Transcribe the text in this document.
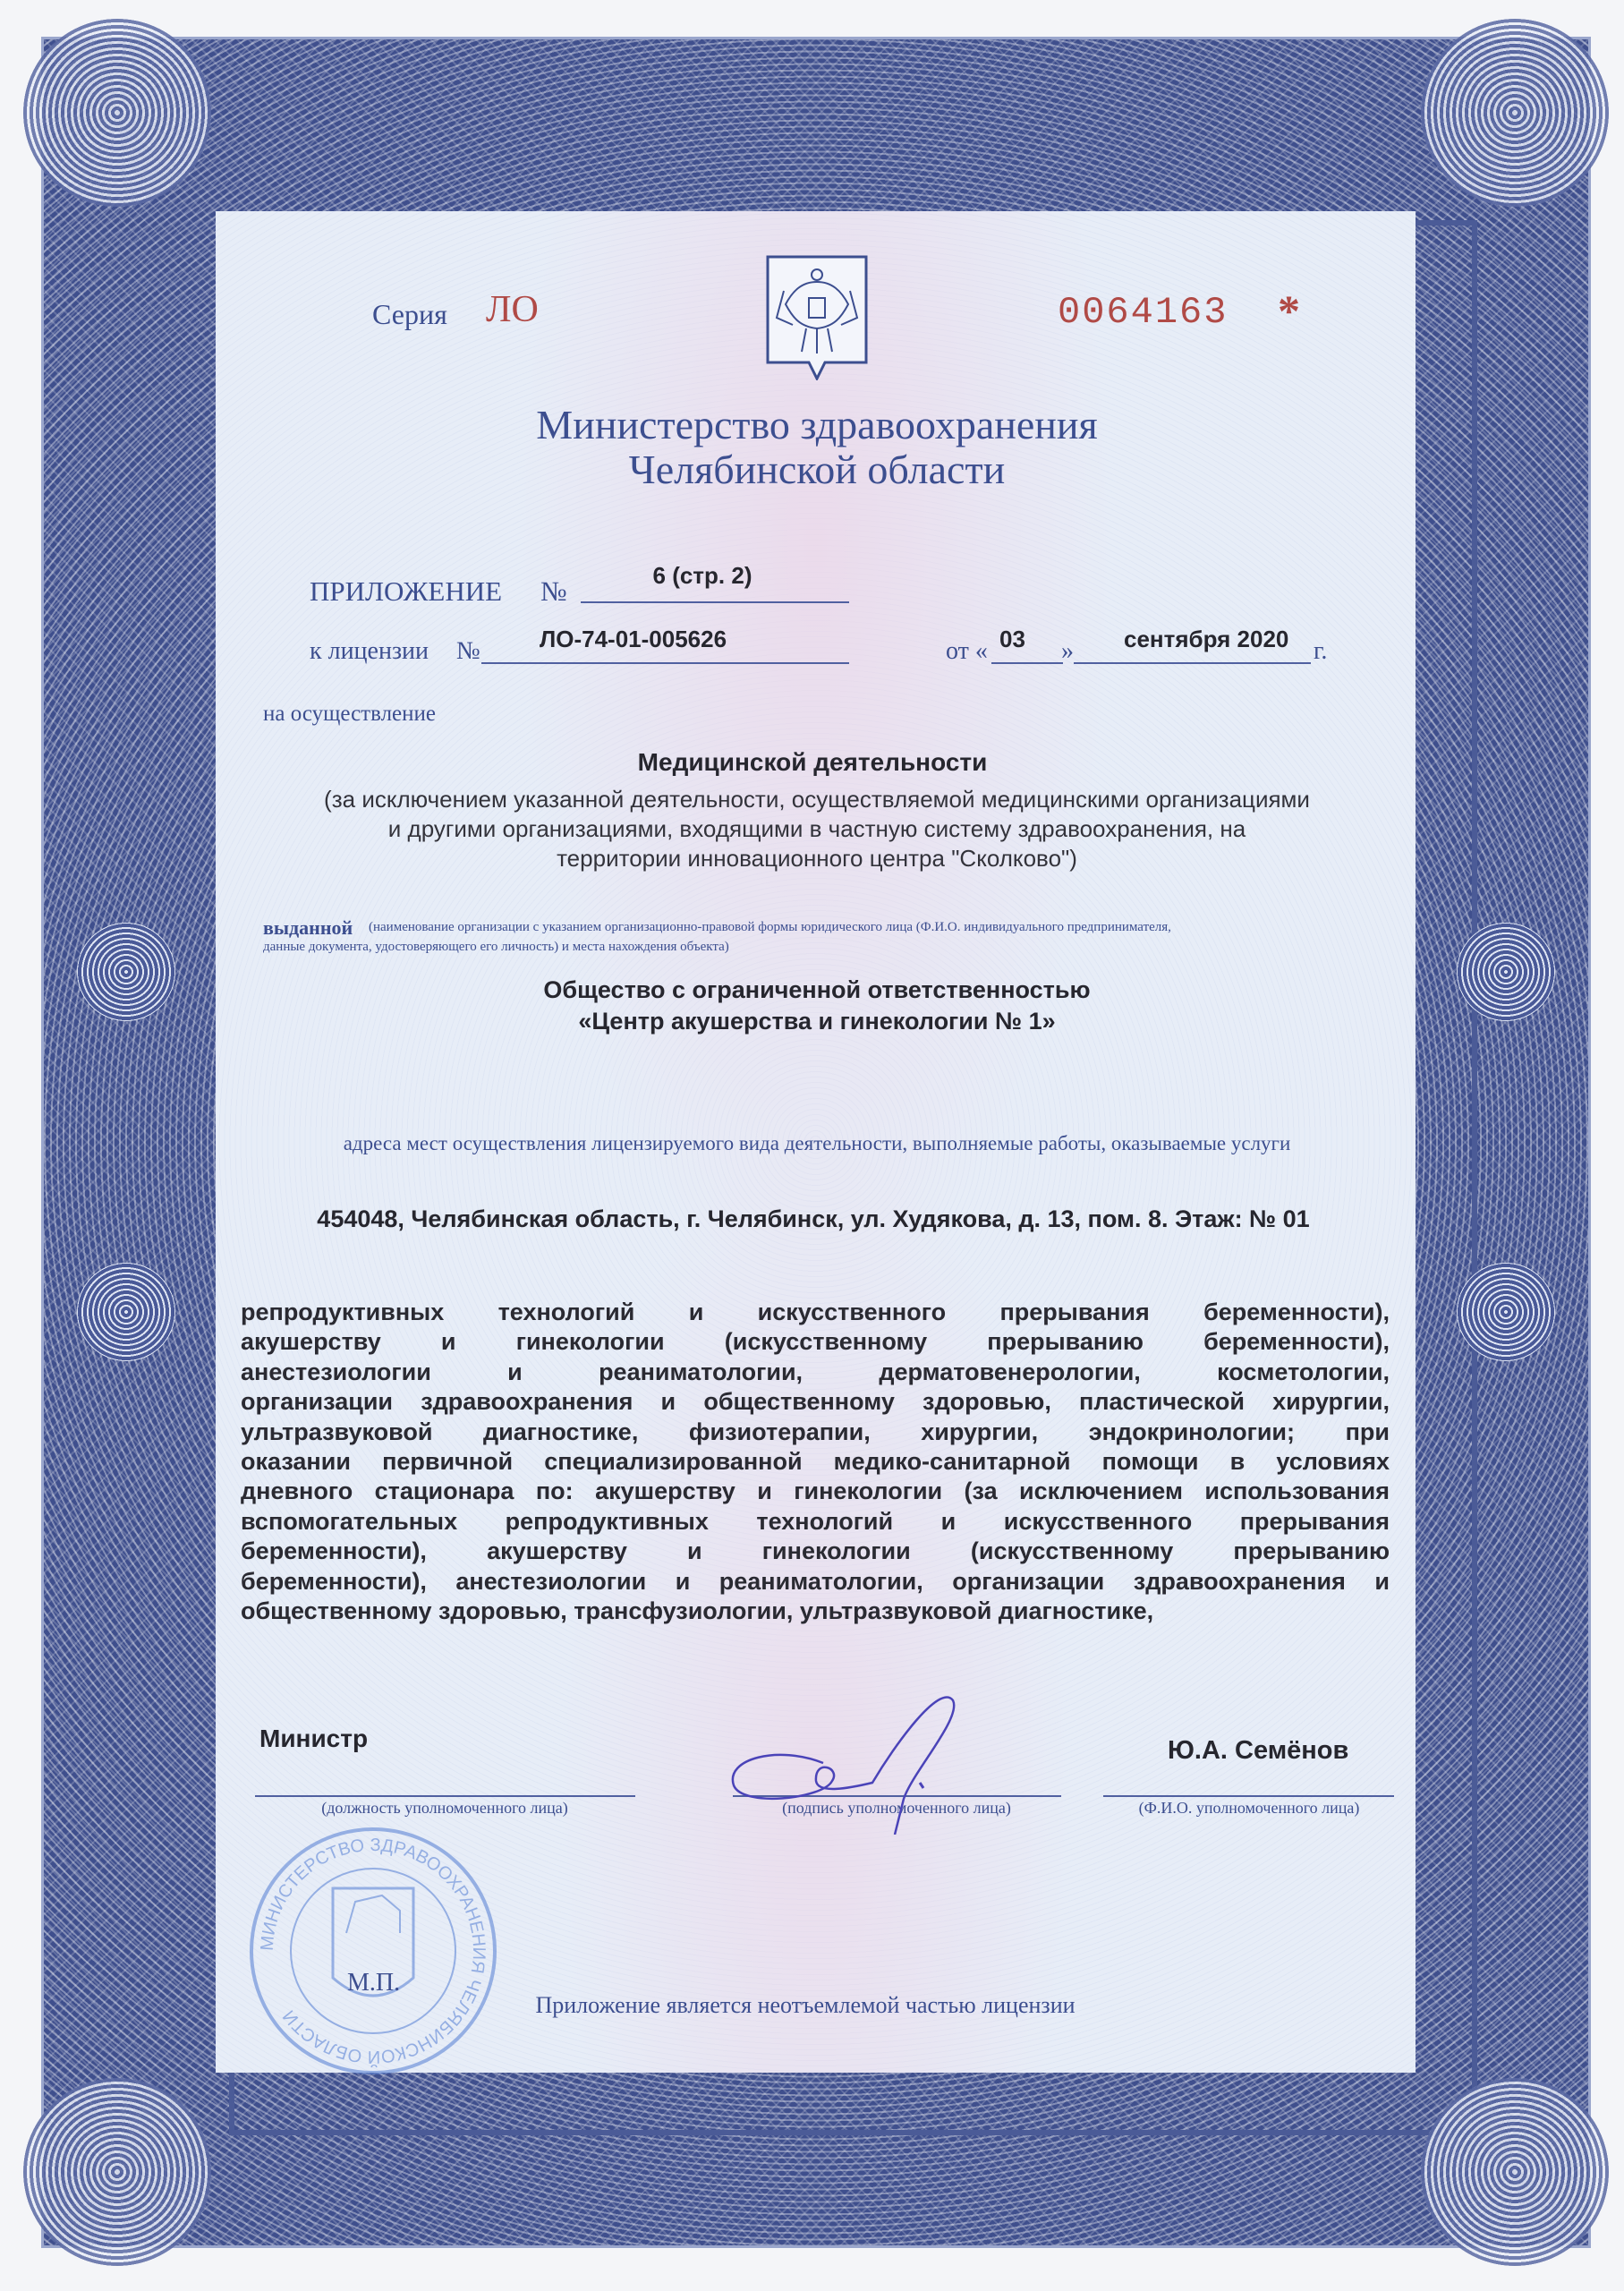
Серия ЛО	0064163 *
Министерство здравоохранения
Челябинской области
ПРИЛОЖЕНИЕ №	6 (стр. 2)
к лицензии №	ЛО-74-01-005626	от « 03 » сентября 2020 г.
на осуществление
Медицинской деятельности
(за исключением указанной деятельности, осуществляемой медицинскими организациями
и другими организациями, входящими в частную систему здравоохранения, на
территории инновационного центра "Сколково")
выданной (наименование организации с указанием организационно-правовой формы юридического лица (Ф.И.О. индивидуального предпринимателя,
данные документа, удостоверяющего его личность) и места нахождения объекта)
Общество с ограниченной ответственностью
«Центр акушерства и гинекологии № 1»
адреса мест осуществления лицензируемого вида деятельности, выполняемые работы, оказываемые услуги
454048, Челябинская область, г. Челябинск, ул. Худякова, д. 13, пом. 8. Этаж: № 01
репродуктивных технологий и искусственного прерывания беременности),
акушерству и гинекологии (искусственному прерыванию беременности),
анестезиологии и реаниматологии, дерматовенерологии, косметологии,
организации здравоохранения и общественному здоровью, пластической хирургии,
ультразвуковой диагностике, физиотерапии, хирургии, эндокринологии; при
оказании первичной специализированной медико-санитарной помощи в условиях
дневного стационара по: акушерству и гинекологии (за исключением использования
вспомогательных репродуктивных технологий и искусственного прерывания
беременности), акушерству и гинекологии (искусственному прерыванию
беременности), анестезиологии и реаниматологии, организации здравоохранения и
общественному здоровью, трансфузиологии, ультразвуковой диагностике,
МИНИСТЕРСТВО ЗДРАВООХРАНЕНИЯ ЧЕЛЯБИНСКОЙ ОБЛАСТИ
Министр	Ю.А. Семёнов
(должность уполномоченного лица)	(подпись уполномоченного лица)	(Ф.И.О. уполномоченного лица)
М.П.
Приложение является неотъемлемой частью лицензии
